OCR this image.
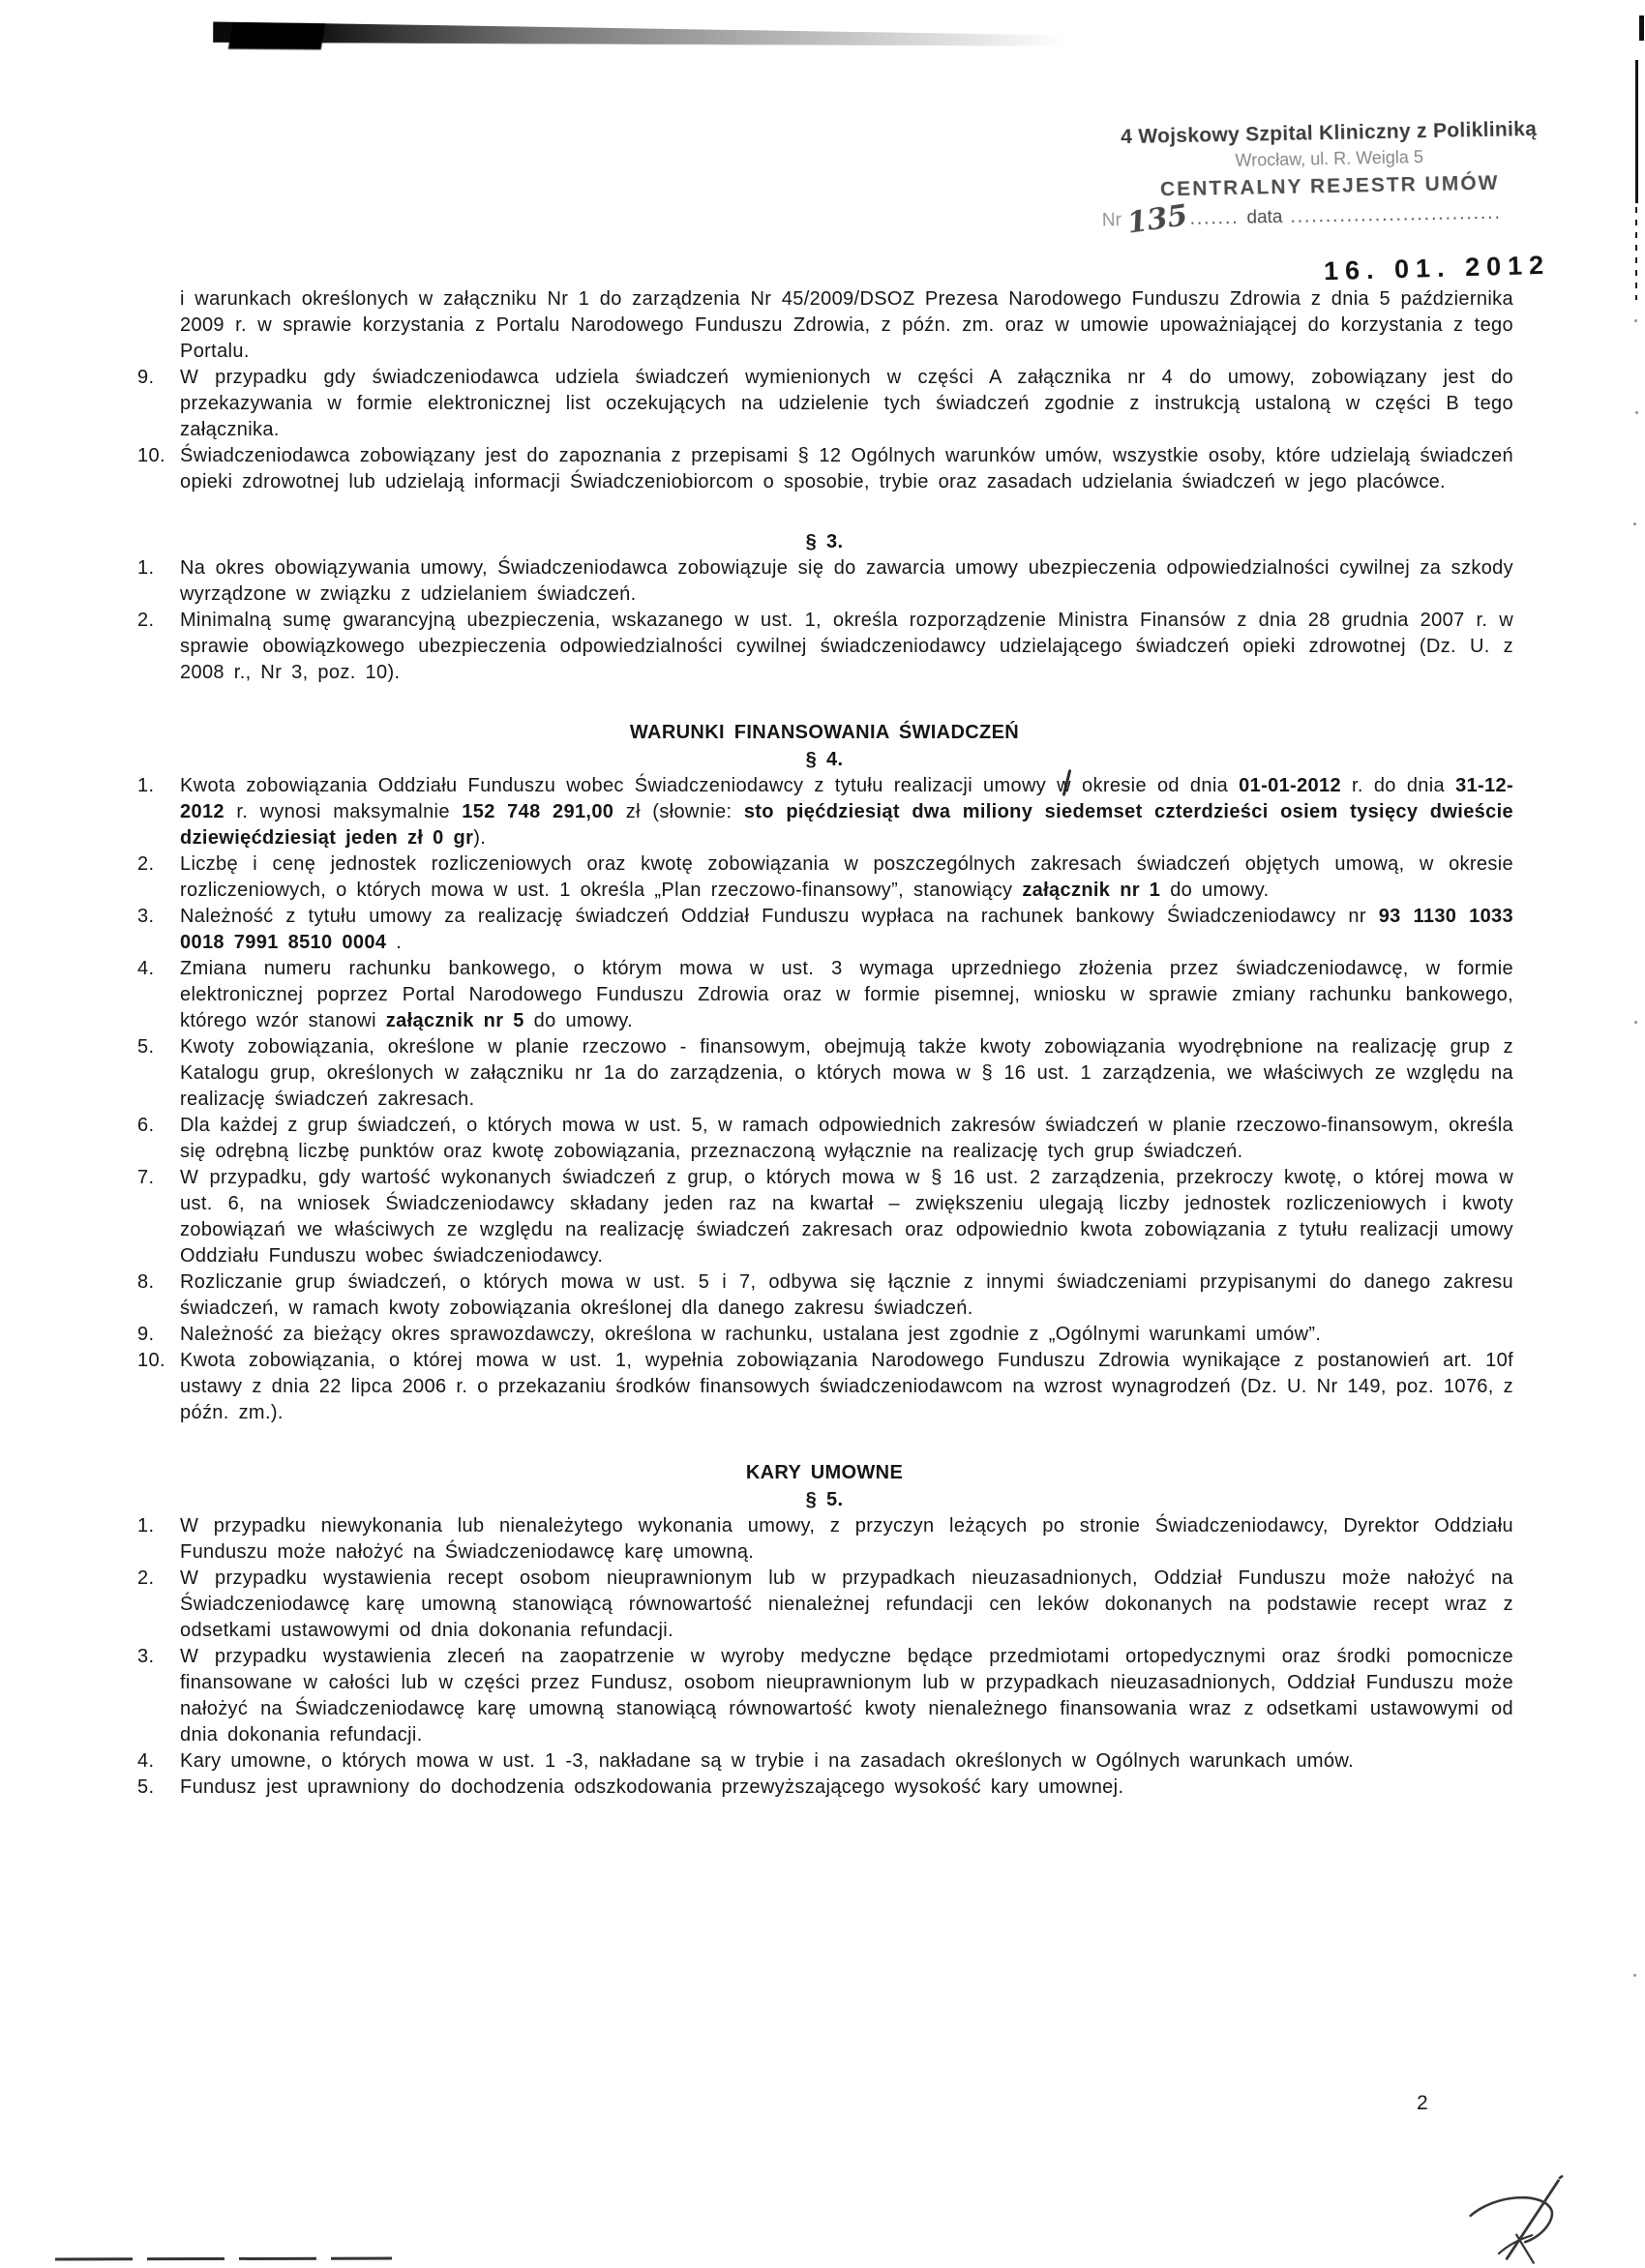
4 Wojskowy Szpital Kliniczny z Polikliniką
Wrocław, ul. R. Weigla 5
CENTRALNY REJESTR UMÓW
Nr 135 ....... data ..............................
16. 01. 2012
i warunkach określonych w załączniku Nr 1 do zarządzenia Nr 45/2009/DSOZ Prezesa Narodowego Funduszu Zdrowia z dnia 5 października 2009 r. w sprawie korzystania z Portalu Narodowego Funduszu Zdrowia, z późn. zm. oraz w umowie upoważniającej do korzystania z tego Portalu.
9.	W przypadku gdy świadczeniodawca udziela świadczeń wymienionych w części A załącznika nr 4 do umowy, zobowiązany jest do przekazywania w formie elektronicznej list oczekujących na udzielenie tych świadczeń zgodnie z instrukcją ustaloną w części B tego załącznika.
10. Świadczeniodawca zobowiązany jest do zapoznania z przepisami § 12 Ogólnych warunków umów, wszystkie osoby, które udzielają świadczeń opieki zdrowotnej lub udzielają informacji Świadczeniobiorcom o sposobie, trybie oraz zasadach udzielania świadczeń w jego placówce.
§ 3.
1.	Na okres obowiązywania umowy, Świadczeniodawca zobowiązuje się do zawarcia umowy ubezpieczenia odpowiedzialności cywilnej za szkody wyrządzone w związku z udzielaniem świadczeń.
2.	Minimalną sumę gwarancyjną ubezpieczenia, wskazanego w ust. 1, określa rozporządzenie Ministra Finansów z dnia 28 grudnia 2007 r. w sprawie obowiązkowego ubezpieczenia odpowiedzialności cywilnej świadczeniodawcy udzielającego świadczeń opieki zdrowotnej (Dz. U. z 2008 r., Nr 3, poz. 10).
WARUNKI FINANSOWANIA ŚWIADCZEŃ
§ 4.
1.	Kwota zobowiązania Oddziału Funduszu wobec Świadczeniodawcy z tytułu realizacji umowy w okresie od dnia 01-01-2012 r. do dnia 31-12-2012 r. wynosi maksymalnie 152 748 291,00 zł (słownie: sto pięćdziesiąt dwa miliony siedemset czterdzieści osiem tysięcy dwieście dziewięćdziesiąt jeden zł 0 gr).
2.	Liczbę i cenę jednostek rozliczeniowych oraz kwotę zobowiązania w poszczególnych zakresach świadczeń objętych umową, w okresie rozliczeniowych, o których mowa w ust. 1 określa „Plan rzeczowo-finansowy”, stanowiący załącznik nr 1 do umowy.
3.	Należność z tytułu umowy za realizację świadczeń Oddział Funduszu wypłaca na rachunek bankowy Świadczeniodawcy nr 93 1130 1033 0018 7991 8510 0004 .
4.	Zmiana numeru rachunku bankowego, o którym mowa w ust. 3 wymaga uprzedniego złożenia przez świadczeniodawcę, w formie elektronicznej poprzez Portal Narodowego Funduszu Zdrowia oraz w formie pisemnej, wniosku w sprawie zmiany rachunku bankowego, którego wzór stanowi załącznik nr 5 do umowy.
5.	Kwoty zobowiązania, określone w planie rzeczowo - finansowym, obejmują także kwoty zobowiązania wyodrębnione na realizację grup z Katalogu grup, określonych w załączniku nr 1a do zarządzenia, o których mowa w § 16 ust. 1 zarządzenia, we właściwych ze względu na realizację świadczeń zakresach.
6.	Dla każdej z grup świadczeń, o których mowa w ust. 5, w ramach odpowiednich zakresów świadczeń w planie rzeczowo-finansowym, określa się odrębną liczbę punktów oraz kwotę zobowiązania, przeznaczoną wyłącznie na realizację tych grup świadczeń.
7.	W przypadku, gdy wartość wykonanych świadczeń z grup, o których mowa w § 16 ust. 2 zarządzenia, przekroczy kwotę, o której mowa w ust. 6, na wniosek Świadczeniodawcy składany jeden raz na kwartał – zwiększeniu ulegają liczby jednostek rozliczeniowych i kwoty zobowiązań we właściwych ze względu na realizację świadczeń zakresach oraz odpowiednio kwota zobowiązania z tytułu realizacji umowy Oddziału Funduszu wobec świadczeniodawcy.
8.	Rozliczanie grup świadczeń, o których mowa w ust. 5 i 7, odbywa się łącznie z innymi świadczeniami przypisanymi do danego zakresu świadczeń, w ramach kwoty zobowiązania określonej dla danego zakresu świadczeń.
9.	Należność za bieżący okres sprawozdawczy, określona w rachunku, ustalana jest zgodnie z „Ogólnymi warunkami umów”.
10. Kwota zobowiązania, o której mowa w ust. 1, wypełnia zobowiązania Narodowego Funduszu Zdrowia wynikające z postanowień art. 10f ustawy z dnia 22 lipca 2006 r. o przekazaniu środków finansowych świadczeniodawcom na wzrost wynagrodzeń (Dz. U. Nr 149, poz. 1076, z późn. zm.).
KARY UMOWNE
§ 5.
1.	W przypadku niewykonania lub nienależytego wykonania umowy, z przyczyn leżących po stronie Świadczeniodawcy, Dyrektor Oddziału Funduszu może nałożyć na Świadczeniodawcę karę umowną.
2.	W przypadku wystawienia recept osobom nieuprawnionym lub w przypadkach nieuzasadnionych, Oddział Funduszu może nałożyć na Świadczeniodawcę karę umowną stanowiącą równowartość nienależnej refundacji cen leków dokonanych na podstawie recept wraz z odsetkami ustawowymi od dnia dokonania refundacji.
3.	W przypadku wystawienia zleceń na zaopatrzenie w wyroby medyczne będące przedmiotami ortopedycznymi oraz środki pomocnicze finansowane w całości lub w części przez Fundusz, osobom nieuprawnionym lub w przypadkach nieuzasadnionych, Oddział Funduszu może nałożyć na Świadczeniodawcę karę umowną stanowiącą równowartość kwoty nienależnego finansowania wraz z odsetkami ustawowymi od dnia dokonania refundacji.
4.	Kary umowne, o których mowa w ust. 1 -3, nakładane są w trybie i na zasadach określonych w Ogólnych warunkach umów.
5.	Fundusz jest uprawniony do dochodzenia odszkodowania przewyższającego wysokość kary umownej.
2
